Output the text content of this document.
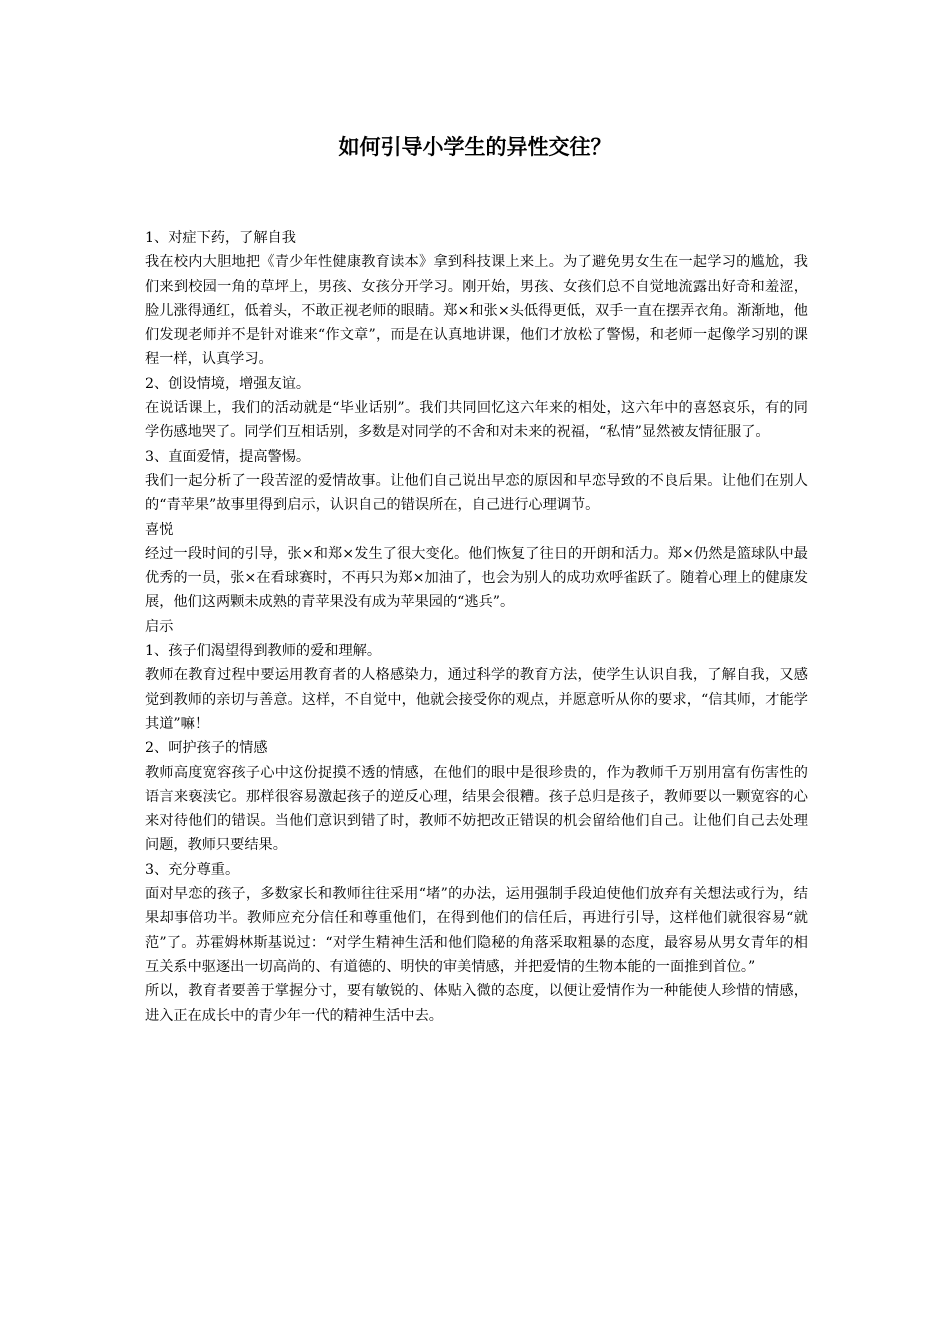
如何引导小学生的异性交往？

1、对症下药，了解自我

我在校内大胆地把《青少年性健康教育读本》拿到科技课上来上。为了避免男女生在一起学习的尴尬，我们来到校园一角的草坪上，男孩、女孩分开学习。刚开始，男孩、女孩们总不自觉地流露出好奇和羞涩，脸儿涨得通红，低着头，不敢正视老师的眼睛。郑×和张×头低得更低，双手一直在摆弄衣角。渐渐地，他们发现老师并不是针对谁来“作文章”，而是在认真地讲课，他们才放松了警惕，和老师一起像学习别的课程一样，认真学习。

2、创设情境，增强友谊。

在说话课上，我们的活动就是“毕业话别”。我们共同回忆这六年来的相处，这六年中的喜怒哀乐，有的同学伤感地哭了。同学们互相话别，多数是对同学的不舍和对未来的祝福，“私情”显然被友情征服了。

3、直面爱情，提高警惕。

我们一起分析了一段苦涩的爱情故事。让他们自己说出早恋的原因和早恋导致的不良后果。让他们在别人的“青苹果”故事里得到启示，认识自己的错误所在，自己进行心理调节。

喜悦

经过一段时间的引导，张×和郑×发生了很大变化。他们恢复了往日的开朗和活力。郑×仍然是篮球队中最优秀的一员，张×在看球赛时，不再只为郑×加油了，也会为别人的成功欢呼雀跃了。随着心理上的健康发展，他们这两颗未成熟的青苹果没有成为苹果园的“逃兵”。

启示

1、孩子们渴望得到教师的爱和理解。

教师在教育过程中要运用教育者的人格感染力，通过科学的教育方法，使学生认识自我，了解自我，又感觉到教师的亲切与善意。这样，不自觉中，他就会接受你的观点，并愿意听从你的要求，“信其师，才能学其道”嘛！

2、呵护孩子的情感

教师高度宽容孩子心中这份捉摸不透的情感，在他们的眼中是很珍贵的，作为教师千万别用富有伤害性的语言来亵渎它。那样很容易激起孩子的逆反心理，结果会很糟。孩子总归是孩子，教师要以一颗宽容的心来对待他们的错误。当他们意识到错了时，教师不妨把改正错误的机会留给他们自己。让他们自己去处理问题，教师只要结果。

3、充分尊重。

面对早恋的孩子，多数家长和教师往往采用“堵”的办法，运用强制手段迫使他们放弃有关想法或行为，结果却事倍功半。教师应充分信任和尊重他们，在得到他们的信任后，再进行引导，这样他们就很容易“就范”了。苏霍姆林斯基说过：“对学生精神生活和他们隐秘的角落采取粗暴的态度，最容易从男女青年的相互关系中驱逐出一切高尚的、有道德的、明快的审美情感，并把爱情的生物本能的一面推到首位。”

所以，教育者要善于掌握分寸，要有敏锐的、体贴入微的态度，以便让爱情作为一种能使人珍惜的情感，进入正在成长中的青少年一代的精神生活中去。
